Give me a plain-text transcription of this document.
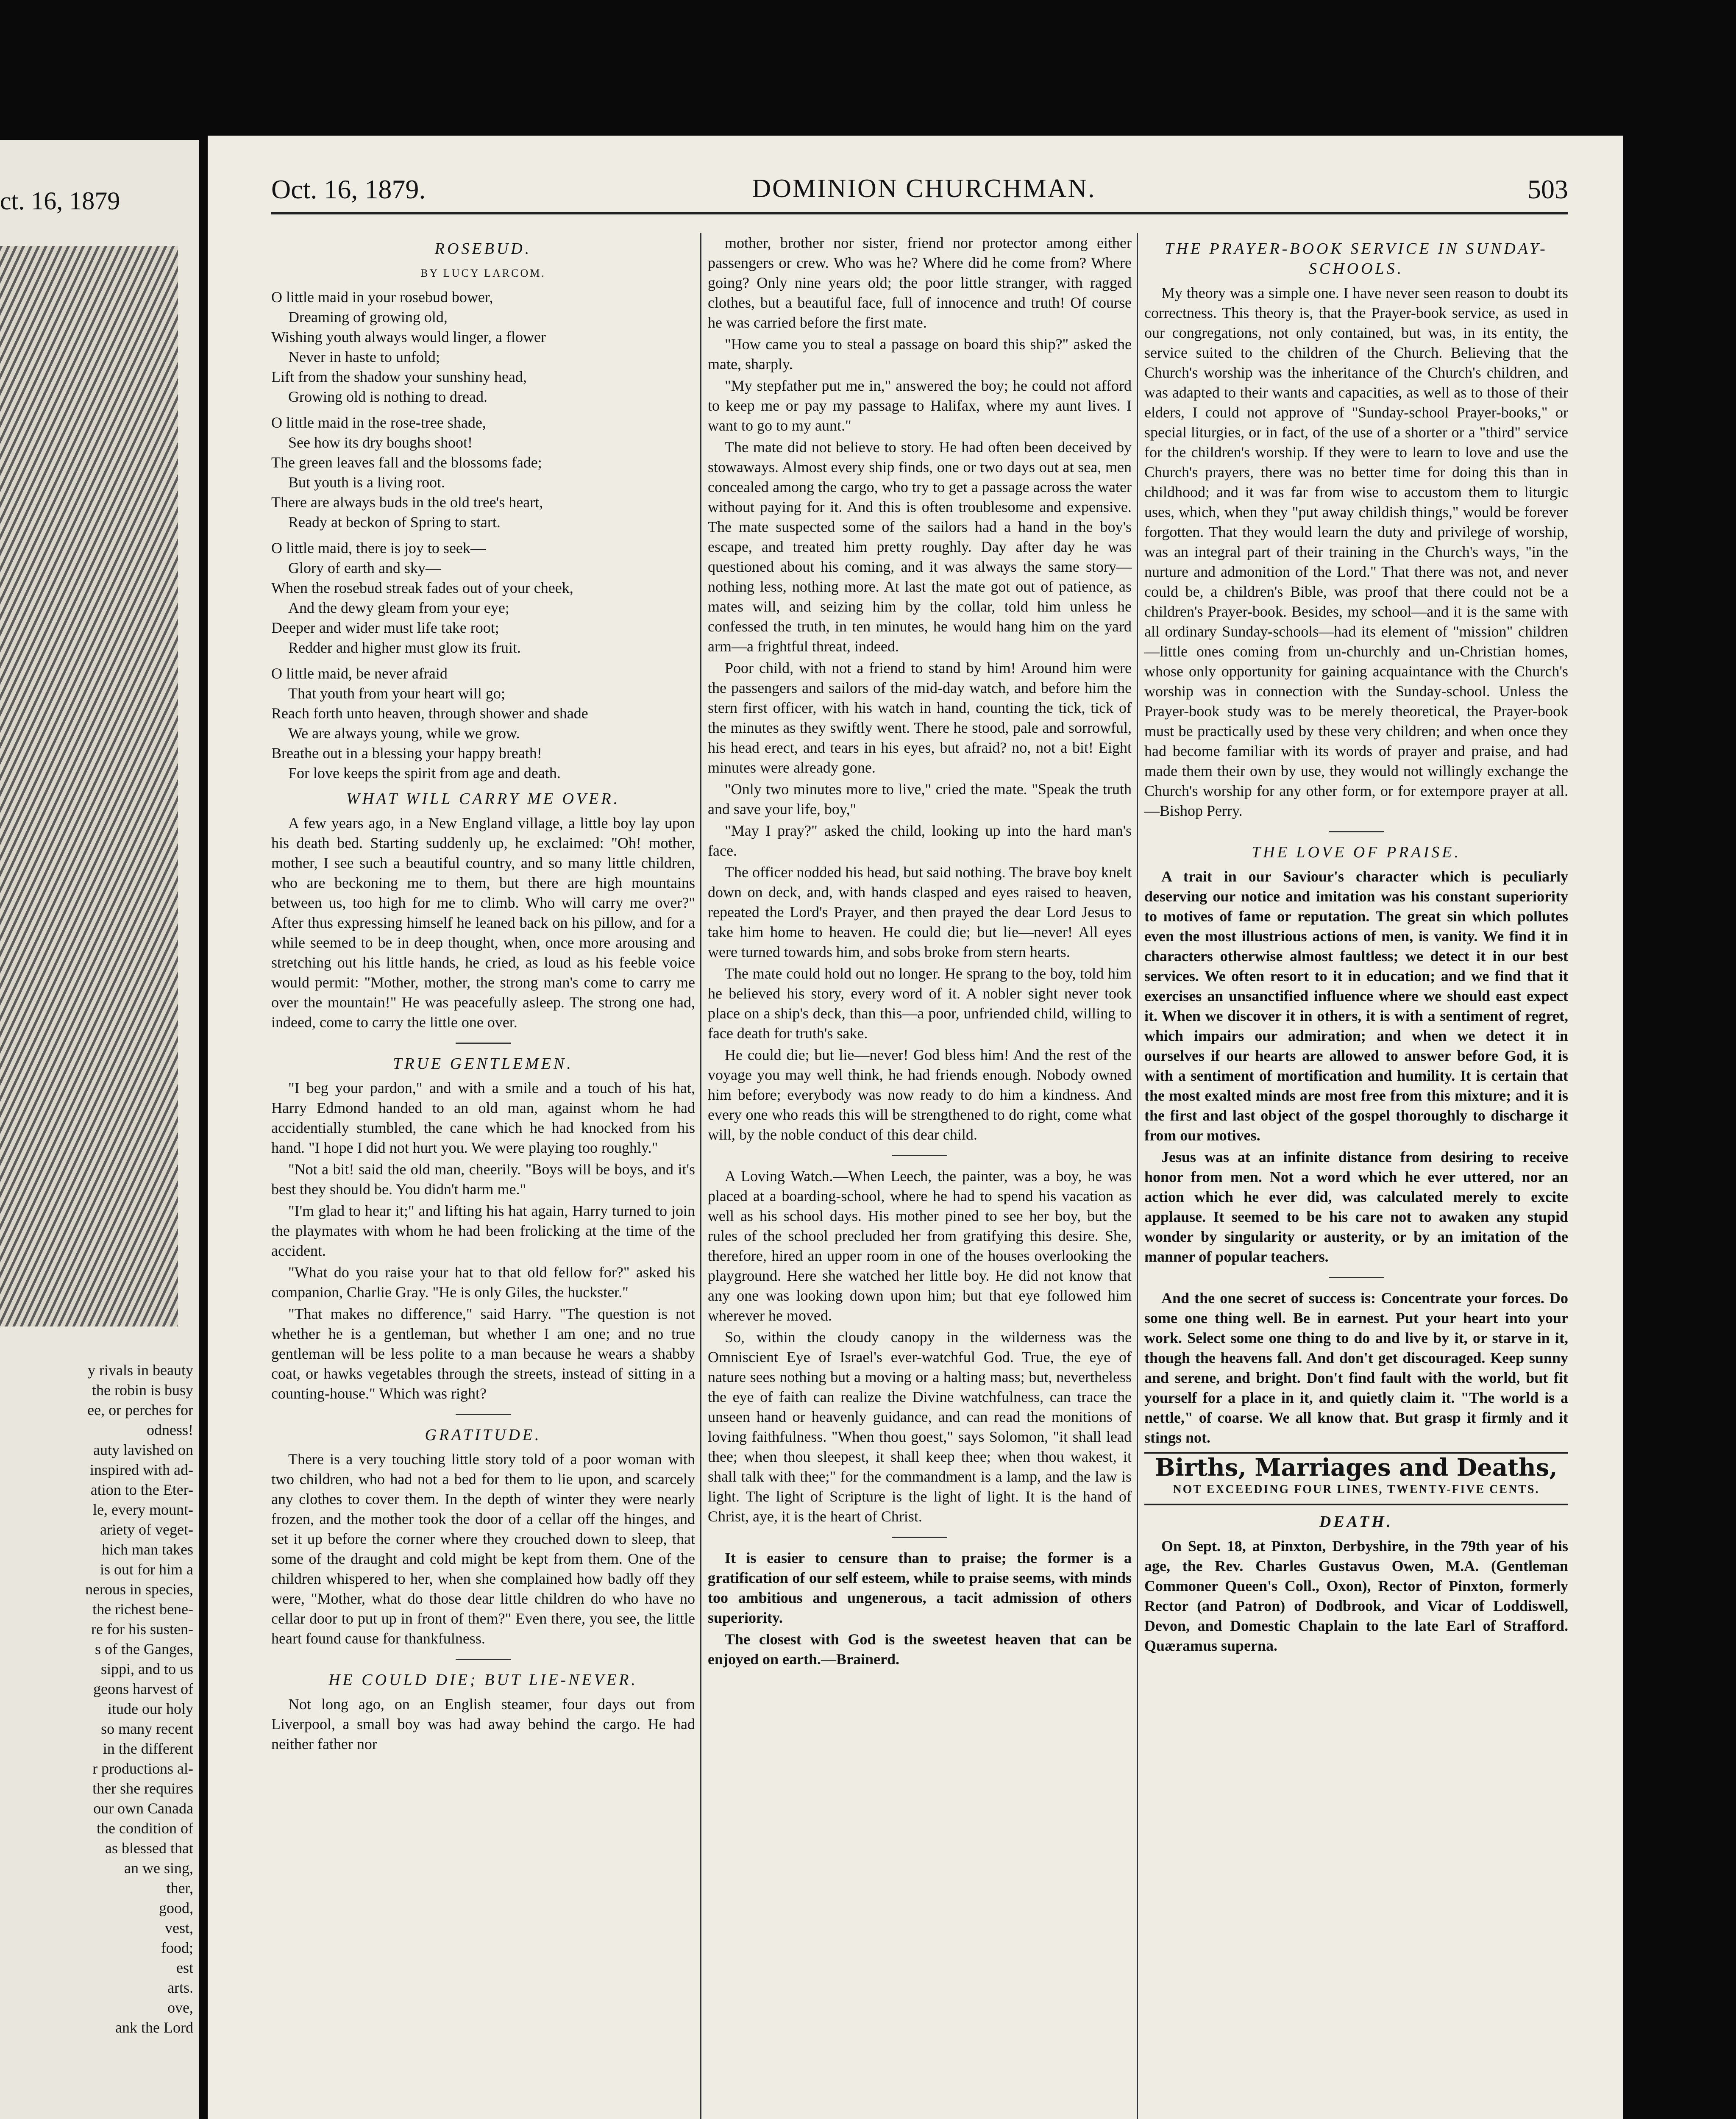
ct. 16, 1879
y rivals in beauty
the robin is busy
ee, or perches for
odness!
auty lavished on
inspired with ad-
ation to the Eter-
le, every mount-
ariety of veget-
hich man takes
is out for him a
nerous in species,
the richest bene-
re for his susten-
s of the Ganges,
sippi, and to us
geons harvest of
itude our holy
so many recent
in the different
r productions al-
ther she requires
our own Canada
the condition of
as blessed that
an we sing,
ther,
good,
vest,
food;
est
arts.
ove,
ank the Lord
Oct. 16, 1879.	DOMINION CHURCHMAN.	503
ROSEBUD.
BY LUCY LARCOM.
O little maid in your rosebud bower,
Dreaming of growing old,
Wishing youth always would linger, a flower
Never in haste to unfold;
Lift from the shadow your sunshiny head,
Growing old is nothing to dread.
O little maid in the rose-tree shade,
See how its dry boughs shoot!
The green leaves fall and the blossoms fade;
But youth is a living root.
There are always buds in the old tree's heart,
Ready at beckon of Spring to start.
O little maid, there is joy to seek—
Glory of earth and sky—
When the rosebud streak fades out of your cheek,
And the dewy gleam from your eye;
Deeper and wider must life take root;
Redder and higher must glow its fruit.
O little maid, be never afraid
That youth from your heart will go;
Reach forth unto heaven, through shower and shade
We are always young, while we grow.
Breathe out in a blessing your happy breath!
For love keeps the spirit from age and death.
WHAT WILL CARRY ME OVER.

A few years ago, in a New England village, a little boy lay upon his death bed. Starting suddenly up, he exclaimed: "Oh! mother, mother, I see such a beautiful country, and so many little children, who are beckoning me to them, but there are high mountains between us, too high for me to climb. Who will carry me over?" After thus expressing himself he leaned back on his pillow, and for a while seemed to be in deep thought, when, once more arousing and stretching out his little hands, he cried, as loud as his feeble voice would permit: "Mother, mother, the strong man's come to carry me over the mountain!" He was peacefully asleep. The strong one had, indeed, come to carry the little one over.

TRUE GENTLEMEN.

"I beg your pardon," and with a smile and a touch of his hat, Harry Edmond handed to an old man, against whom he had accidentially stumbled, the cane which he had knocked from his hand. "I hope I did not hurt you. We were playing too roughly."

"Not a bit! said the old man, cheerily. "Boys will be boys, and it's best they should be. You didn't harm me."

"I'm glad to hear it;" and lifting his hat again, Harry turned to join the playmates with whom he had been frolicking at the time of the accident.

"What do you raise your hat to that old fellow for?" asked his companion, Charlie Gray. "He is only Giles, the huckster."

"That makes no difference," said Harry. "The question is not whether he is a gentleman, but whether I am one; and no true gentleman will be less polite to a man because he wears a shabby coat, or hawks vegetables through the streets, instead of sitting in a counting-house." Which was right?

GRATITUDE.

There is a very touching little story told of a poor woman with two children, who had not a bed for them to lie upon, and scarcely any clothes to cover them. In the depth of winter they were nearly frozen, and the mother took the door of a cellar off the hinges, and set it up before the corner where they crouched down to sleep, that some of the draught and cold might be kept from them. One of the children whispered to her, when she complained how badly off they were, "Mother, what do those dear little children do who have no cellar door to put up in front of them?" Even there, you see, the little heart found cause for thankfulness.

HE COULD DIE; BUT LIE-NEVER.

Not long ago, on an English steamer, four days out from Liverpool, a small boy was had away behind the cargo. He had neither father nor

mother, brother nor sister, friend nor protector among either passengers or crew. Who was he? Where did he come from? Where going? Only nine years old; the poor little stranger, with ragged clothes, but a beautiful face, full of innocence and truth! Of course he was carried before the first mate.

"How came you to steal a passage on board this ship?" asked the mate, sharply.

"My stepfather put me in," answered the boy; he could not afford to keep me or pay my passage to Halifax, where my aunt lives. I want to go to my aunt."

The mate did not believe to story. He had often been deceived by stowaways. Almost every ship finds, one or two days out at sea, men concealed among the cargo, who try to get a passage across the water without paying for it. And this is often troublesome and expensive. The mate suspected some of the sailors had a hand in the boy's escape, and treated him pretty roughly. Day after day he was questioned about his coming, and it was always the same story—nothing less, nothing more. At last the mate got out of patience, as mates will, and seizing him by the collar, told him unless he confessed the truth, in ten minutes, he would hang him on the yard arm—a frightful threat, indeed.

Poor child, with not a friend to stand by him! Around him were the passengers and sailors of the mid-day watch, and before him the stern first officer, with his watch in hand, counting the tick, tick of the minutes as they swiftly went. There he stood, pale and sorrowful, his head erect, and tears in his eyes, but afraid? no, not a bit! Eight minutes were already gone.

"Only two minutes more to live," cried the mate. "Speak the truth and save your life, boy,"

"May I pray?" asked the child, looking up into the hard man's face.

The officer nodded his head, but said nothing. The brave boy knelt down on deck, and, with hands clasped and eyes raised to heaven, repeated the Lord's Prayer, and then prayed the dear Lord Jesus to take him home to heaven. He could die; but lie—never! All eyes were turned towards him, and sobs broke from stern hearts.

The mate could hold out no longer. He sprang to the boy, told him he believed his story, every word of it. A nobler sight never took place on a ship's deck, than this—a poor, unfriended child, willing to face death for truth's sake.

He could die; but lie—never! God bless him! And the rest of the voyage you may well think, he had friends enough. Nobody owned him before; everybody was now ready to do him a kindness. And every one who reads this will be strengthened to do right, come what will, by the noble conduct of this dear child.

A Loving Watch.—When Leech, the painter, was a boy, he was placed at a boarding-school, where he had to spend his vacation as well as his school days. His mother pined to see her boy, but the rules of the school precluded her from gratifying this desire. She, therefore, hired an upper room in one of the houses overlooking the playground. Here she watched her little boy. He did not know that any one was looking down upon him; but that eye followed him wherever he moved.

So, within the cloudy canopy in the wilderness was the Omniscient Eye of Israel's ever-watchful God. True, the eye of nature sees nothing but a moving or a halting mass; but, nevertheless the eye of faith can realize the Divine watchfulness, can trace the unseen hand or heavenly guidance, and can read the monitions of loving faithfulness. "When thou goest," says Solomon, "it shall lead thee; when thou sleepest, it shall keep thee; when thou wakest, it shall talk with thee;" for the commandment is a lamp, and the law is light. The light of Scripture is the light of light. It is the hand of Christ, aye, it is the heart of Christ.

It is easier to censure than to praise; the former is a gratification of our self esteem, while to praise seems, with minds too ambitious and ungenerous, a tacit admission of others superiority.

The closest with God is the sweetest heaven that can be enjoyed on earth.—Brainerd.

THE PRAYER-BOOK SERVICE IN SUNDAY-SCHOOLS.

My theory was a simple one. I have never seen reason to doubt its correctness. This theory is, that the Prayer-book service, as used in our congregations, not only contained, but was, in its entity, the service suited to the children of the Church. Believing that the Church's worship was the inheritance of the Church's children, and was adapted to their wants and capacities, as well as to those of their elders, I could not approve of "Sunday-school Prayer-books," or special liturgies, or in fact, of the use of a shorter or a "third" service for the children's worship. If they were to learn to love and use the Church's prayers, there was no better time for doing this than in childhood; and it was far from wise to accustom them to liturgic uses, which, when they "put away childish things," would be forever forgotten. That they would learn the duty and privilege of worship, was an integral part of their training in the Church's ways, "in the nurture and admonition of the Lord." That there was not, and never could be, a children's Bible, was proof that there could not be a children's Prayer-book. Besides, my school—and it is the same with all ordinary Sunday-schools—had its element of "mission" children—little ones coming from un-churchly and un-Christian homes, whose only opportunity for gaining acquaintance with the Church's worship was in connection with the Sunday-school. Unless the Prayer-book study was to be merely theoretical, the Prayer-book must be practically used by these very children; and when once they had become familiar with its words of prayer and praise, and had made them their own by use, they would not willingly exchange the Church's worship for any other form, or for extempore prayer at all.—Bishop Perry.

THE LOVE OF PRAISE.

A trait in our Saviour's character which is peculiarly deserving our notice and imitation was his constant superiority to motives of fame or reputation. The great sin which pollutes even the most illustrious actions of men, is vanity. We find it in characters otherwise almost faultless; we detect it in our best services. We often resort to it in education; and we find that it exercises an unsanctified influence where we should east expect it. When we discover it in others, it is with a sentiment of regret, which impairs our admiration; and when we detect it in ourselves if our hearts are allowed to answer before God, it is with a sentiment of mortification and humility. It is certain that the most exalted minds are most free from this mixture; and it is the first and last object of the gospel thoroughly to discharge it from our motives.

Jesus was at an infinite distance from desiring to receive honor from men. Not a word which he ever uttered, nor an action which he ever did, was calculated merely to excite applause. It seemed to be his care not to awaken any stupid wonder by singularity or austerity, or by an imitation of the manner of popular teachers.

And the one secret of success is: Concentrate your forces. Do some one thing well. Be in earnest. Put your heart into your work. Select some one thing to do and live by it, or starve in it, though the heavens fall. And don't get discouraged. Keep sunny and serene, and bright. Don't find fault with the world, but fit yourself for a place in it, and quietly claim it. "The world is a nettle," of coarse. We all know that. But grasp it firmly and it stings not.

Births, Marriages and Deaths,
NOT EXCEEDING FOUR LINES, TWENTY-FIVE CENTS.
DEATH.

On Sept. 18, at Pinxton, Derbyshire, in the 79th year of his age, the Rev. Charles Gustavus Owen, M.A. (Gentleman Commoner Queen's Coll., Oxon), Rector of Pinxton, formerly Rector (and Patron) of Dodbrook, and Vicar of Loddiswell, Devon, and Domestic Chaplain to the late Earl of Strafford. Quæramus superna.
